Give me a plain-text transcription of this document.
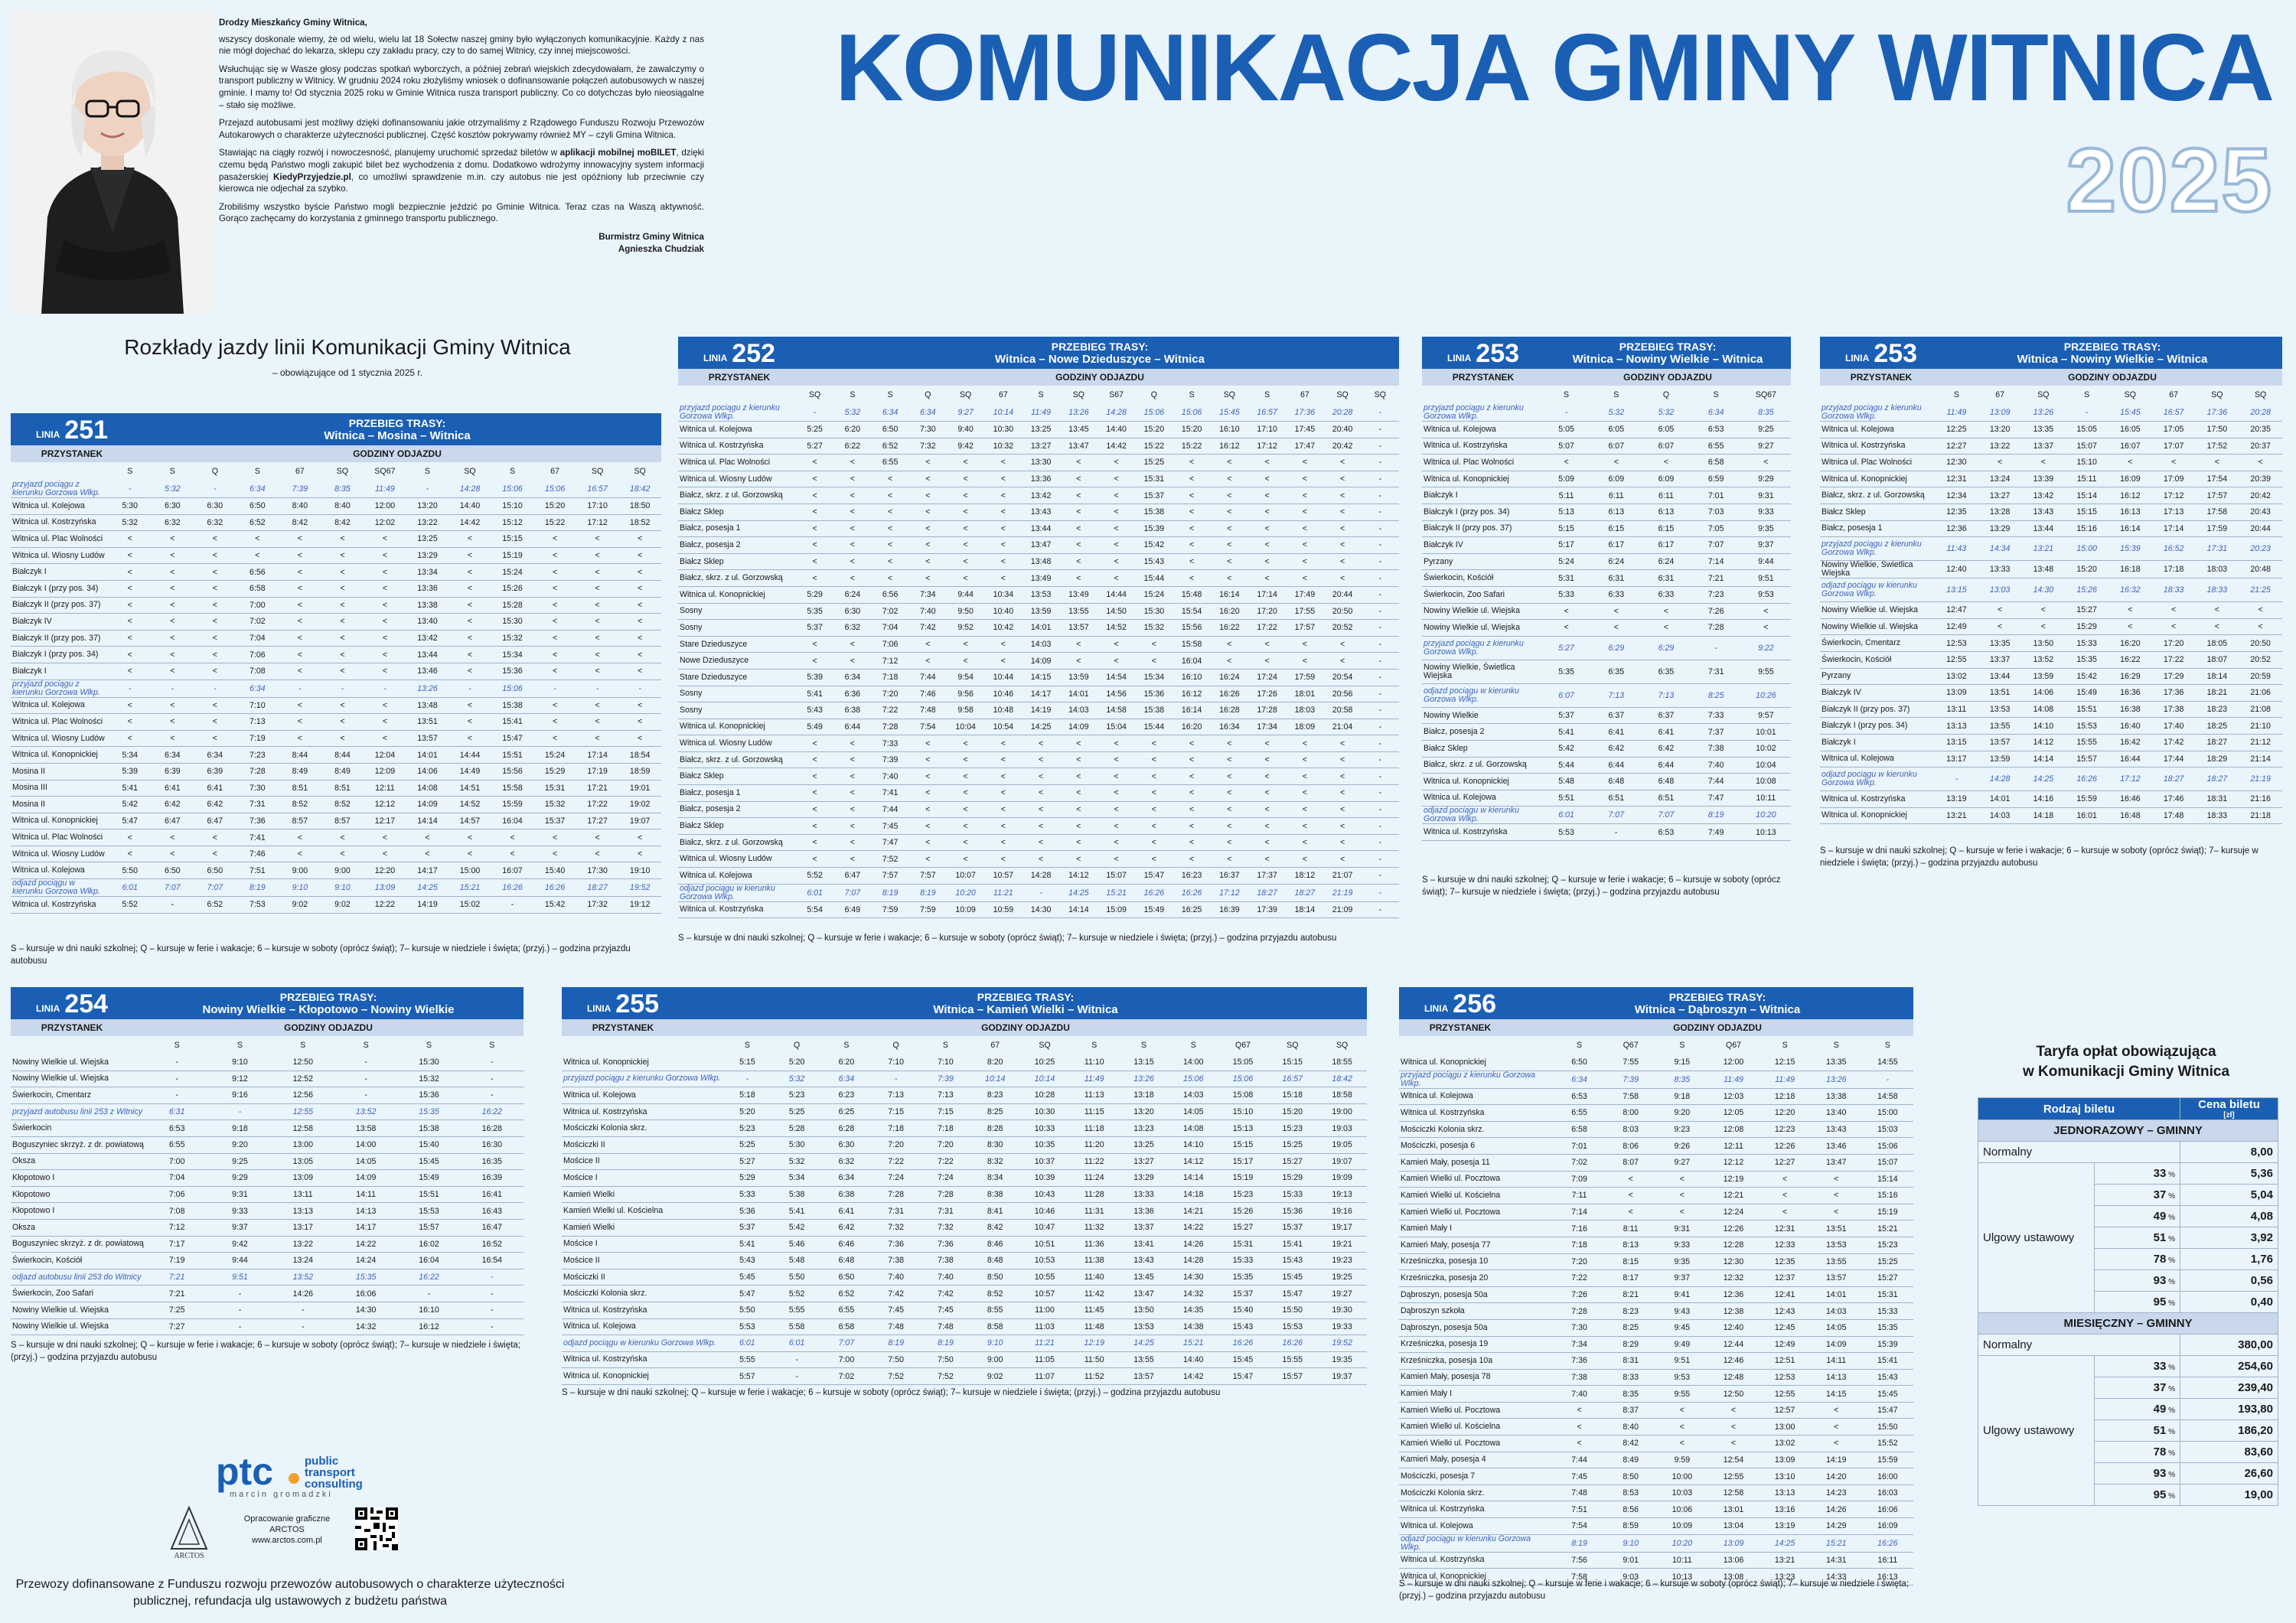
KOMUNIKACJA GMINY WITNICA
2025

Drodzy Mieszkańcy Gminy Witnica,

wszyscy doskonale wiemy, że od wielu, wielu lat 18 Sołectw naszej gminy było wyłączonych komunikacyjnie. Każdy z nas nie mógł dojechać do lekarza, sklepu czy zakładu pracy, czy to do samej Witnicy, czy innej miejscowości.

Wsłuchując się w Wasze głosy podczas spotkań wyborczych, a później zebrań wiejskich zdecydowałam, że zawalczymy o transport publiczny w Witnicy. W grudniu 2024 roku złożyliśmy wniosek o dofinansowanie połączeń autobusowych w naszej gminie. I mamy to! Od stycznia 2025 roku w Gminie Witnica rusza transport publiczny. Co co dotychczas było nieosiągalne – stało się możliwe.

Przejazd autobusami jest możliwy dzięki dofinansowaniu jakie otrzymaliśmy z Rządowego Funduszu Rozwoju Przewozów Autokarowych o charakterze użyteczności publicznej. Część kosztów pokrywamy również MY – czyli Gmina Witnica.

Stawiając na ciągły rozwój i nowoczesność, planujemy uruchomić sprzedaż biletów w aplikacji mobilnej moBILET, dzięki czemu będą Państwo mogli zakupić bilet bez wychodzenia z domu. Dodatkowo wdrożymy innowacyjny system informacji pasażerskiej KiedyPrzyjedzie.pl, co umożliwi sprawdzenie m.in. czy autobus nie jest opóźniony lub przeciwnie czy kierowca nie odjechał za szybko.

Zrobiliśmy wszystko byście Państwo mogli bezpiecznie jeździć po Gminie Witnica. Teraz czas na Waszą aktywność. Gorąco zachęcamy do korzystania z gminnego transportu publicznego.

Burmistrz Gminy Witnica

Agnieszka Chudziak

Rozkłady jazdy linii Komunikacji Gminy Witnica
– obowiązujące od 1 stycznia 2025 r.
LINIA 251	PRZEBIEG TRASY:
Witnica – Mosina – Witnica
PRZYSTANEK	GODZINY ODJAZDU
	S	S	Q	S	67	SQ	SQ67	S	SQ	S	67	SQ	SQ
przyjazd pociągu z kierunku Gorzowa Wlkp.	-	5:32	-	6:34	7:39	8:35	11:49	-	14:28	15:06	15:06	16:57	18:42
Witnica ul. Kolejowa	5:30	6:30	6:30	6:50	8:40	8:40	12:00	13:20	14:40	15:10	15:20	17:10	18:50
Witnica ul. Kostrzyńska	5:32	6:32	6:32	6:52	8:42	8:42	12:02	13:22	14:42	15:12	15:22	17:12	18:52
Witnica ul. Plac Wolności	<	<	<	<	<	<	<	13:25	<	15:15	<	<	<
Witnica ul. Wiosny Ludów	<	<	<	<	<	<	<	13:29	<	15:19	<	<	<
Białczyk I	<	<	<	6:56	<	<	<	13:34	<	15:24	<	<	<
Białczyk I (przy pos. 34)	<	<	<	6:58	<	<	<	13:36	<	15:26	<	<	<
Białczyk II (przy pos. 37)	<	<	<	7:00	<	<	<	13:38	<	15:28	<	<	<
Białczyk IV	<	<	<	7:02	<	<	<	13:40	<	15:30	<	<	<
Białczyk II (przy pos. 37)	<	<	<	7:04	<	<	<	13:42	<	15:32	<	<	<
Białczyk I (przy pos. 34)	<	<	<	7:06	<	<	<	13:44	<	15:34	<	<	<
Białczyk I	<	<	<	7:08	<	<	<	13:46	<	15:36	<	<	<
przyjazd pociągu z kierunku Gorzowa Wlkp.	-	-	-	6:34	-	-	-	13:26	-	15:06	-	-	-
Witnica ul. Kolejowa	<	<	<	7:10	<	<	<	13:48	<	15:38	<	<	<
Witnica ul. Plac Wolności	<	<	<	7:13	<	<	<	13:51	<	15:41	<	<	<
Witnica ul. Wiosny Ludów	<	<	<	7:19	<	<	<	13:57	<	15:47	<	<	<
Witnica ul. Konopnickiej	5:34	6:34	6:34	7:23	8:44	8:44	12:04	14:01	14:44	15:51	15:24	17:14	18:54
Mosina II	5:39	6:39	6:39	7:28	8:49	8:49	12:09	14:06	14:49	15:56	15:29	17:19	18:59
Mosina III	5:41	6:41	6:41	7:30	8:51	8:51	12:11	14:08	14:51	15:58	15:31	17:21	19:01
Mosina II	5:42	6:42	6:42	7:31	8:52	8:52	12:12	14:09	14:52	15:59	15:32	17:22	19:02
Witnica ul. Konopnickiej	5:47	6:47	6:47	7:36	8:57	8:57	12:17	14:14	14:57	16:04	15:37	17:27	19:07
Witnica ul. Plac Wolności	<	<	<	7:41	<	<	<	<	<	<	<	<	<
Witnica ul. Wiosny Ludów	<	<	<	7:46	<	<	<	<	<	<	<	<	<
Witnica ul. Kolejowa	5:50	6:50	6:50	7:51	9:00	9:00	12:20	14:17	15:00	16:07	15:40	17:30	19:10
odjazd pociągu w kierunku Gorzowa Wlkp.	6:01	7:07	7:07	8:19	9:10	9:10	13:09	14:25	15:21	16:26	16:26	18:27	19:52
Witnica ul. Kostrzyńska	5:52	-	6:52	7:53	9:02	9:02	12:22	14:19	15:02	-	15:42	17:32	19:12
LINIA 252	PRZEBIEG TRASY:
Witnica – Nowe Dzieduszyce – Witnica
PRZYSTANEK	GODZINY ODJAZDU
	SQ	S	S	Q	SQ	67	S	SQ	S67	Q	S	SQ	S	67	SQ	SQ
przyjazd pociągu z kierunku Gorzowa Wlkp.	-	5:32	6:34	6:34	9:27	10:14	11:49	13:26	14:28	15:06	15:06	15:45	16:57	17:36	20:28	-
Witnica ul. Kolejowa	5:25	6:20	6:50	7:30	9:40	10:30	13:25	13:45	14:40	15:20	15:20	16:10	17:10	17:45	20:40	-
Witnica ul. Kostrzyńska	5:27	6:22	6:52	7:32	9:42	10:32	13:27	13:47	14:42	15:22	15:22	16:12	17:12	17:47	20:42	-
Witnica ul. Plac Wolności	<	<	6:55	<	<	<	13:30	<	<	15:25	<	<	<	<	<	-
Witnica ul. Wiosny Ludów	<	<	<	<	<	<	13:36	<	<	15:31	<	<	<	<	<	-
Białcz, skrz. z ul. Gorzowską	<	<	<	<	<	<	13:42	<	<	15:37	<	<	<	<	<	-
Białcz Sklep	<	<	<	<	<	<	13:43	<	<	15:38	<	<	<	<	<	-
Białcz, posesja 1	<	<	<	<	<	<	13:44	<	<	15:39	<	<	<	<	<	-
Białcz, posesja 2	<	<	<	<	<	<	13:47	<	<	15:42	<	<	<	<	<	-
Białcz Sklep	<	<	<	<	<	<	13:48	<	<	15:43	<	<	<	<	<	-
Białcz, skrz. z ul. Gorzowską	<	<	<	<	<	<	13:49	<	<	15:44	<	<	<	<	<	-
Witnica ul. Konopnickiej	5:29	6:24	6:56	7:34	9:44	10:34	13:53	13:49	14:44	15:24	15:48	16:14	17:14	17:49	20:44	-
Sosny	5:35	6:30	7:02	7:40	9:50	10:40	13:59	13:55	14:50	15:30	15:54	16:20	17:20	17:55	20:50	-
Sosny	5:37	6:32	7:04	7:42	9:52	10:42	14:01	13:57	14:52	15:32	15:56	16:22	17:22	17:57	20:52	-
Stare Dzieduszyce	<	<	7:06	<	<	<	14:03	<	<	<	15:58	<	<	<	<	-
Nowe Dzieduszyce	<	<	7:12	<	<	<	14:09	<	<	<	16:04	<	<	<	<	-
Stare Dzieduszyce	5:39	6:34	7:18	7:44	9:54	10:44	14:15	13:59	14:54	15:34	16:10	16:24	17:24	17:59	20:54	-
Sosny	5:41	6:36	7:20	7:46	9:56	10:46	14:17	14:01	14:56	15:36	16:12	16:26	17:26	18:01	20:56	-
Sosny	5:43	6:38	7:22	7:48	9:58	10:48	14:19	14:03	14:58	15:38	16:14	16:28	17:28	18:03	20:58	-
Witnica ul. Konopnickiej	5:49	6:44	7:28	7:54	10:04	10:54	14:25	14:09	15:04	15:44	16:20	16:34	17:34	18:09	21:04	-
Witnica ul. Wiosny Ludów	<	<	7:33	<	<	<	<	<	<	<	<	<	<	<	<	-
Białcz, skrz. z ul. Gorzowską	<	<	7:39	<	<	<	<	<	<	<	<	<	<	<	<	-
Białcz Sklep	<	<	7:40	<	<	<	<	<	<	<	<	<	<	<	<	-
Białcz, posesja 1	<	<	7:41	<	<	<	<	<	<	<	<	<	<	<	<	-
Białcz, posesja 2	<	<	7:44	<	<	<	<	<	<	<	<	<	<	<	<	-
Białcz Sklep	<	<	7:45	<	<	<	<	<	<	<	<	<	<	<	<	-
Białcz, skrz. z ul. Gorzowską	<	<	7:47	<	<	<	<	<	<	<	<	<	<	<	<	-
Witnica ul. Wiosny Ludów	<	<	7:52	<	<	<	<	<	<	<	<	<	<	<	<	-
Witnica ul. Kolejowa	5:52	6:47	7:57	7:57	10:07	10:57	14:28	14:12	15:07	15:47	16:23	16:37	17:37	18:12	21:07	-
odjazd pociągu w kierunku Gorzowa Wlkp.	6:01	7:07	8:19	8:19	10:20	11:21	-	14:25	15:21	16:26	16:26	17:12	18:27	18:27	21:19	-
Witnica ul. Kostrzyńska	5:54	6:49	7:59	7:59	10:09	10:59	14:30	14:14	15:09	15:49	16:25	16:39	17:39	18:14	21:09	-
LINIA 253	PRZEBIEG TRASY:
Witnica – Nowiny Wielkie – Witnica
PRZYSTANEK	GODZINY ODJAZDU
	S	S	Q	S	SQ67
przyjazd pociągu z kierunku Gorzowa Wlkp.	-	5:32	5:32	6:34	8:35
Witnica ul. Kolejowa	5:05	6:05	6:05	6:53	9:25
Witnica ul. Kostrzyńska	5:07	6:07	6:07	6:55	9:27
Witnica ul. Plac Wolności	<	<	<	6:58	<
Witnica ul. Konopnickiej	5:09	6:09	6:09	6:59	9:29
Białczyk I	5:11	6:11	6:11	7:01	9:31
Białczyk I (przy pos. 34)	5:13	6:13	6:13	7:03	9:33
Białczyk II (przy pos. 37)	5:15	6:15	6:15	7:05	9:35
Białczyk IV	5:17	6:17	6:17	7:07	9:37
Pyrzany	5:24	6:24	6:24	7:14	9:44
Świerkocin, Kościół	5:31	6:31	6:31	7:21	9:51
Świerkocin, Zoo Safari	5:33	6:33	6:33	7:23	9:53
Nowiny Wielkie ul. Wiejska	<	<	<	7:26	<
Nowiny Wielkie ul. Wiejska	<	<	<	7:28	<
przyjazd pociągu z kierunku Gorzowa Wlkp.	5:27	6:29	6:29	-	9:22
Nowiny Wielkie, Świetlica Wiejska	5:35	6:35	6:35	7:31	9:55
odjazd pociągu w kierunku Gorzowa Wlkp.	6:07	7:13	7:13	8:25	10:26
Nowiny Wielkie	5:37	6:37	6:37	7:33	9:57
Białcz, posesja 2	5:41	6:41	6:41	7:37	10:01
Białcz Sklep	5:42	6:42	6:42	7:38	10:02
Białcz, skrz. z ul. Gorzowską	5:44	6:44	6:44	7:40	10:04
Witnica ul. Konopnickiej	5:48	6:48	6:48	7:44	10:08
Witnica ul. Kolejowa	5:51	6:51	6:51	7:47	10:11
odjazd pociągu w kierunku Gorzowa Wlkp.	6:01	7:07	7:07	8:19	10:20
Witnica ul. Kostrzyńska	5:53	-	6:53	7:49	10:13
LINIA 253	PRZEBIEG TRASY:
Witnica – Nowiny Wielkie – Witnica
PRZYSTANEK	GODZINY ODJAZDU
	S	67	SQ	S	SQ	67	SQ	SQ
przyjazd pociągu z kierunku Gorzowa Wlkp.	11:49	13:09	13:26	-	15:45	16:57	17:36	20:28
Witnica ul. Kolejowa	12:25	13:20	13:35	15:05	16:05	17:05	17:50	20:35
Witnica ul. Kostrzyńska	12:27	13:22	13:37	15:07	16:07	17:07	17:52	20:37
Witnica ul. Plac Wolności	12:30	<	<	15:10	<	<	<	<
Witnica ul. Konopnickiej	12:31	13:24	13:39	15:11	16:09	17:09	17:54	20:39
Białcz, skrz. z ul. Gorzowską	12:34	13:27	13:42	15:14	16:12	17:12	17:57	20:42
Białcz Sklep	12:35	13:28	13:43	15:15	16:13	17:13	17:58	20:43
Białcz, posesja 1	12:36	13:29	13:44	15:16	16:14	17:14	17:59	20:44
przyjazd pociągu z kierunku Gorzowa Wlkp.	11:43	14:34	13:21	15:00	15:39	16:52	17:31	20:23
Nowiny Wielkie, Świetlica Wiejska	12:40	13:33	13:48	15:20	16:18	17:18	18:03	20:48
odjazd pociągu w kierunku Gorzowa Wlkp.	13:15	13:03	14:30	15:26	16:32	18:33	18:33	21:25
Nowiny Wielkie ul. Wiejska	12:47	<	<	15:27	<	<	<	<
Nowiny Wielkie ul. Wiejska	12:49	<	<	15:29	<	<	<	<
Świerkocin, Cmentarz	12:53	13:35	13:50	15:33	16:20	17:20	18:05	20:50
Świerkocin, Kościół	12:55	13:37	13:52	15:35	16:22	17:22	18:07	20:52
Pyrzany	13:02	13:44	13:59	15:42	16:29	17:29	18:14	20:59
Białczyk IV	13:09	13:51	14:06	15:49	16:36	17:36	18:21	21:06
Białczyk II (przy pos. 37)	13:11	13:53	14:08	15:51	16:38	17:38	18:23	21:08
Białczyk I (przy pos. 34)	13:13	13:55	14:10	15:53	16:40	17:40	18:25	21:10
Białczyk I	13:15	13:57	14:12	15:55	16:42	17:42	18:27	21:12
Witnica ul. Kolejowa	13:17	13:59	14:14	15:57	16:44	17:44	18:29	21:14
odjazd pociągu w kierunku Gorzowa Wlkp.	-	14:28	14:25	16:26	17:12	18:27	18:27	21:19
Witnica ul. Kostrzyńska	13:19	14:01	14:16	15:59	16:46	17:46	18:31	21:16
Witnica ul. Konopnickiej	13:21	14:03	14:18	16:01	16:48	17:48	18:33	21:18
LINIA 254	PRZEBIEG TRASY:
Nowiny Wielkie – Kłopotowo – Nowiny Wielkie
PRZYSTANEK	GODZINY ODJAZDU
	S	S	S	S	S	S
Nowiny Wielkie ul. Wiejska	-	9:10	12:50	-	15:30	-
Nowiny Wielkie ul. Wiejska	-	9:12	12:52	-	15:32	-
Świerkocin, Cmentarz	-	9:16	12:56	-	15:36	-
przyjazd autobusu linii 253 z Witnicy	6:31	-	12:55	13:52	15:35	16:22
Świerkocin	6:53	9:18	12:58	13:58	15:38	16:28
Boguszyniec skrzyż. z dr. powiatową	6:55	9:20	13:00	14:00	15:40	16:30
Oksza	7:00	9:25	13:05	14:05	15:45	16:35
Kłopotowo I	7:04	9:29	13:09	14:09	15:49	16:39
Kłopotowo	7:06	9:31	13:11	14:11	15:51	16:41
Kłopotowo I	7:08	9:33	13:13	14:13	15:53	16:43
Oksza	7:12	9:37	13:17	14:17	15:57	16:47
Boguszyniec skrzyż. z dr. powiatową	7:17	9:42	13:22	14:22	16:02	16:52
Świerkocin, Kościół	7:19	9:44	13:24	14:24	16:04	16:54
odjazd autobusu linii 253 do Witnicy	7:21	9:51	13:52	15:35	16:22	-
Świerkocin, Zoo Safari	7:21	-	14:26	16:06	-	-
Nowiny Wielkie ul. Wiejska	7:25	-	-	14:30	16:10	-
Nowiny Wielkie ul. Wiejska	7:27	-	-	14:32	16:12	-
LINIA 255	PRZEBIEG TRASY:
Witnica – Kamień Wielki – Witnica
PRZYSTANEK	GODZINY ODJAZDU
	S	Q	S	Q	S	67	SQ	S	S	S	Q67	SQ	SQ
Witnica ul. Konopnickiej	5:15	5:20	6:20	7:10	7:10	8:20	10:25	11:10	13:15	14:00	15:05	15:15	18:55
przyjazd pociągu z kierunku Gorzowa Wlkp.	-	5:32	6:34	-	7:39	10:14	10:14	11:49	13:26	15:06	15:06	16:57	18:42
Witnica ul. Kolejowa	5:18	5:23	6:23	7:13	7:13	8:23	10:28	11:13	13:18	14:03	15:08	15:18	18:58
Witnica ul. Kostrzyńska	5:20	5:25	6:25	7:15	7:15	8:25	10:30	11:15	13:20	14:05	15:10	15:20	19:00
Mościczki Kolonia skrz.	5:23	5:28	6:28	7:18	7:18	8:28	10:33	11:18	13:23	14:08	15:13	15:23	19:03
Mościczki II	5:25	5:30	6:30	7:20	7:20	8:30	10:35	11:20	13:25	14:10	15:15	15:25	19:05
Mościce II	5:27	5:32	6:32	7:22	7:22	8:32	10:37	11:22	13:27	14:12	15:17	15:27	19:07
Mościce I	5:29	5:34	6:34	7:24	7:24	8:34	10:39	11:24	13:29	14:14	15:19	15:29	19:09
Kamień Wielki	5:33	5:38	6:38	7:28	7:28	8:38	10:43	11:28	13:33	14:18	15:23	15:33	19:13
Kamień Wielki ul. Kościelna	5:36	5:41	6:41	7:31	7:31	8:41	10:46	11:31	13:36	14:21	15:26	15:36	19:16
Kamień Wielki	5:37	5:42	6:42	7:32	7:32	8:42	10:47	11:32	13:37	14:22	15:27	15:37	19:17
Mościce I	5:41	5:46	6:46	7:36	7:36	8:46	10:51	11:36	13:41	14:26	15:31	15:41	19:21
Mościce II	5:43	5:48	6:48	7:38	7:38	8:48	10:53	11:38	13:43	14:28	15:33	15:43	19:23
Mościczki II	5:45	5:50	6:50	7:40	7:40	8:50	10:55	11:40	13:45	14:30	15:35	15:45	19:25
Mościczki Kolonia skrz.	5:47	5:52	6:52	7:42	7:42	8:52	10:57	11:42	13:47	14:32	15:37	15:47	19:27
Witnica ul. Kostrzyńska	5:50	5:55	6:55	7:45	7:45	8:55	11:00	11:45	13:50	14:35	15:40	15:50	19:30
Witnica ul. Kolejowa	5:53	5:58	6:58	7:48	7:48	8:58	11:03	11:48	13:53	14:38	15:43	15:53	19:33
odjazd pociągu w kierunku Gorzowa Wlkp.	6:01	6:01	7:07	8:19	8:19	9:10	11:21	12:19	14:25	15:21	16:26	16:26	19:52
Witnica ul. Kostrzyńska	5:55	-	7:00	7:50	7:50	9:00	11:05	11:50	13:55	14:40	15:45	15:55	19:35
Witnica ul. Konopnickiej	5:57	-	7:02	7:52	7:52	9:02	11:07	11:52	13:57	14:42	15:47	15:57	19:37
LINIA 256	PRZEBIEG TRASY:
Witnica – Dąbroszyn – Witnica
PRZYSTANEK	GODZINY ODJAZDU
	S	Q67	S	Q67	S	S	S
Witnica ul. Konopnickiej	6:50	7:55	9:15	12:00	12:15	13:35	14:55
przyjazd pociągu z kierunku Gorzowa Wlkp.	6:34	7:39	8:35	11:49	11:49	13:26	-
Witnica ul. Kolejowa	6:53	7:58	9:18	12:03	12:18	13:38	14:58
Witnica ul. Kostrzyńska	6:55	8:00	9:20	12:05	12:20	13:40	15:00
Mościczki Kolonia skrz.	6:58	8:03	9:23	12:08	12:23	13:43	15:03
Mościczki, posesja 6	7:01	8:06	9:26	12:11	12:26	13:46	15:06
Kamień Mały, posesja 11	7:02	8:07	9:27	12:12	12:27	13:47	15:07
Kamień Wielki ul. Pocztowa	7:09	<	<	12:19	<	<	15:14
Kamień Wielki ul. Kościelna	7:11	<	<	12:21	<	<	15:16
Kamień Wielki ul. Pocztowa	7:14	<	<	12:24	<	<	15:19
Kamień Mały I	7:16	8:11	9:31	12:26	12:31	13:51	15:21
Kamień Mały, posesja 77	7:18	8:13	9:33	12:28	12:33	13:53	15:23
Krześniczka, posesja 10	7:20	8:15	9:35	12:30	12:35	13:55	15:25
Krześniczka, posesja 20	7:22	8:17	9:37	12:32	12:37	13:57	15:27
Dąbroszyn, posesja 50a	7:26	8:21	9:41	12:36	12:41	14:01	15:31
Dąbroszyn szkoła	7:28	8:23	9:43	12:38	12:43	14:03	15:33
Dąbroszyn, posesja 50a	7:30	8:25	9:45	12:40	12:45	14:05	15:35
Krześniczka, posesja 19	7:34	8:29	9:49	12:44	12:49	14:09	15:39
Krześniczka, posesja 10a	7:36	8:31	9:51	12:46	12:51	14:11	15:41
Kamień Mały, posesja 78	7:38	8:33	9:53	12:48	12:53	14:13	15:43
Kamień Mały I	7:40	8:35	9:55	12:50	12:55	14:15	15:45
Kamień Wielki ul. Pocztowa	<	8:37	<	<	12:57	<	15:47
Kamień Wielki ul. Kościelna	<	8:40	<	<	13:00	<	15:50
Kamień Wielki ul. Pocztowa	<	8:42	<	<	13:02	<	15:52
Kamień Mały, posesja 4	7:44	8:49	9:59	12:54	13:09	14:19	15:59
Mościczki, posesja 7	7:45	8:50	10:00	12:55	13:10	14:20	16:00
Mościczki Kolonia skrz.	7:48	8:53	10:03	12:58	13:13	14:23	16:03
Witnica ul. Kostrzyńska	7:51	8:56	10:06	13:01	13:16	14:26	16:06
Witnica ul. Kolejowa	7:54	8:59	10:09	13:04	13:19	14:29	16:09
odjazd pociągu w kierunku Gorzowa Wlkp.	8:19	9:10	10:20	13:09	14:25	15:21	16:26
Witnica ul. Kostrzyńska	7:56	9:01	10:11	13:06	13:21	14:31	16:11
Witnica ul. Konopnickiej	7:58	9:03	10:13	13:08	13:23	14:33	16:13
S – kursuje w dni nauki szkolnej; Q – kursuje w ferie i wakacje; 6 – kursuje w soboty (oprócz świąt); 7– kursuje w niedziele i święta; (przyj.) – godzina przyjazdu autobusu
S – kursuje w dni nauki szkolnej; Q – kursuje w ferie i wakacje; 6 – kursuje w soboty (oprócz świąt); 7– kursuje w niedziele i święta; (przyj.) – godzina przyjazdu autobusu
S – kursuje w dni nauki szkolnej; Q – kursuje w ferie i wakacje; 6 – kursuje w soboty (oprócz świąt); 7– kursuje w niedziele i święta; (przyj.) – godzina przyjazdu autobusu
S – kursuje w dni nauki szkolnej; Q – kursuje w ferie i wakacje; 6 – kursuje w soboty (oprócz świąt); 7– kursuje w niedziele i święta; (przyj.) – godzina przyjazdu autobusu
S – kursuje w dni nauki szkolnej; Q – kursuje w ferie i wakacje; 6 – kursuje w soboty (oprócz świąt); 7– kursuje w niedziele i święta; (przyj.) – godzina przyjazdu autobusu
S – kursuje w dni nauki szkolnej; Q – kursuje w ferie i wakacje; 6 – kursuje w soboty (oprócz świąt); 7– kursuje w niedziele i święta; (przyj.) – godzina przyjazdu autobusu
S – kursuje w dni nauki szkolnej; Q – kursuje w ferie i wakacje; 6 – kursuje w soboty (oprócz świąt); 7– kursuje w niedziele i święta; (przyj.) – godzina przyjazdu autobusu
Taryfa opłat obowiązująca
w Komunikacji Gminy Witnica
Rodzaj biletu		Cena biletu
[zł]

JEDNORAZOWY – GMINNY		
Normalny		8,00
Ulgowy ustawowy	33 %	5,36
	37 %	5,04
	49 %	4,08
	51 %	3,92
	78 %	1,76
	93 %	0,56
	95 %	0,40
MIESIĘCZNY – GMINNY		
Normalny		380,00
Ulgowy ustawowy	33 %	254,60
	37 %	239,40
	49 %	193,80
	51 %	186,20
	78 %	83,60
	93 %	26,60
	95 %	19,00
ptc	public
transport
consulting
marcin gromadzki
ARCTOS
Opracowanie graficzne
ARCTOS
www.arctos.com.pl
Przewozy dofinansowane z Funduszu rozwoju przewozów autobusowych o charakterze użyteczności publicznej, refundacja ulg ustawowych z budżetu państwa
